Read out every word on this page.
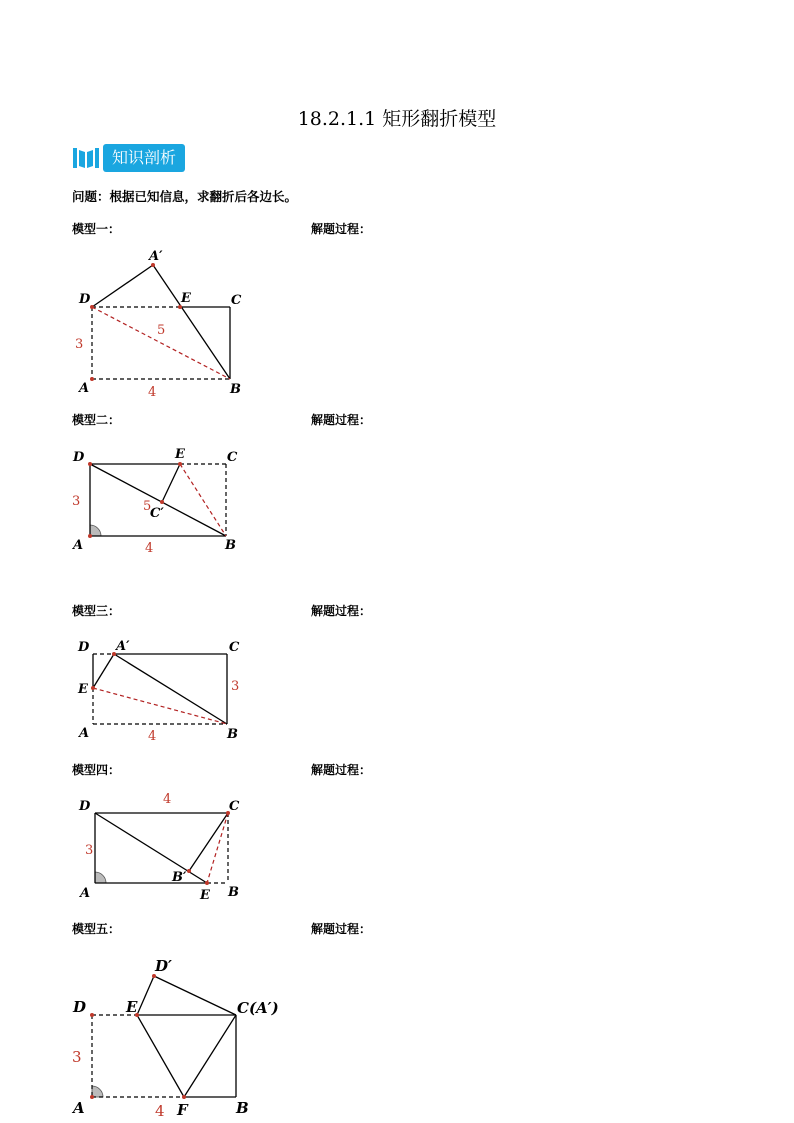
18.2.1.1 矩形翻折模型
知识剖析
问题：根据已知信息，求翻折后各边长。
模型一：	解题过程：
A′
D	E	C
A	B
3
4
5
模型二：	解题过程：
D	E	C
C′
A	B
3
4
5
模型三：	解题过程：
D A′	C
E
A	B
3
4
模型四：	解题过程：
D	C
B′
A	E B
3
4
模型五：	解题过程：
D′
D	E	C(A′)
A	F	B
3
4
